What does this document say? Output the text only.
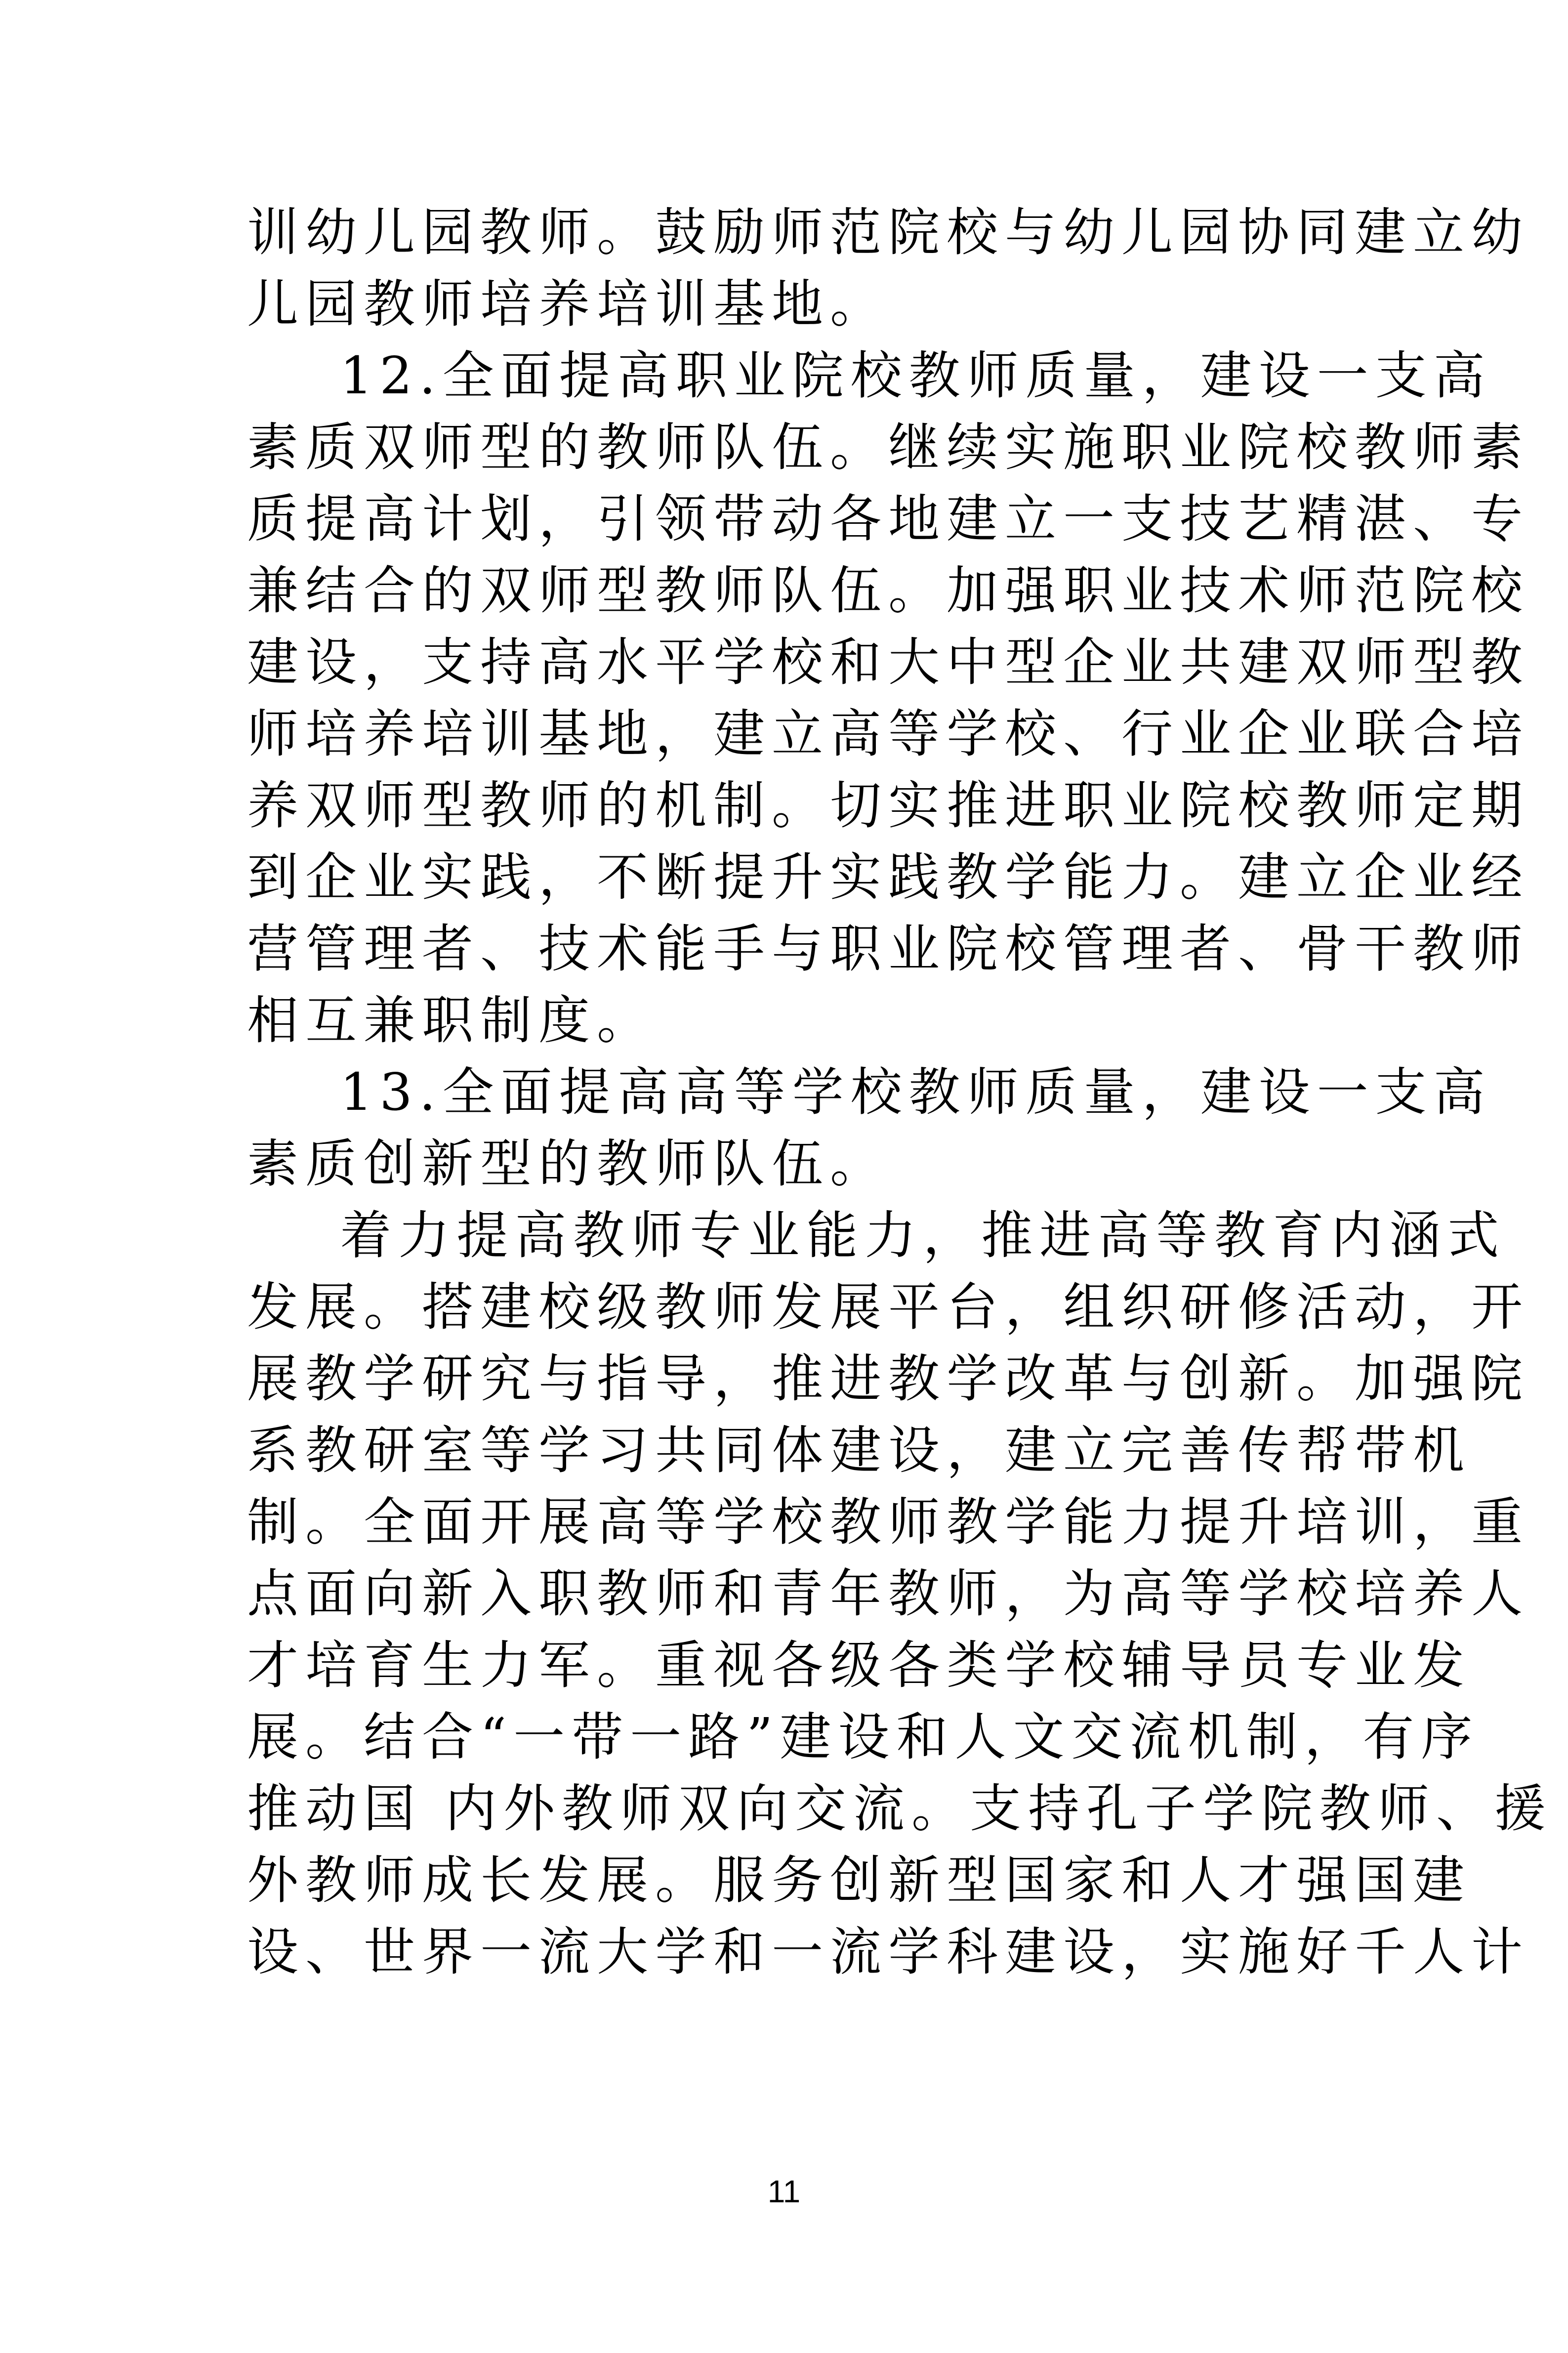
训幼儿园教师。鼓励师范院校与幼儿园协同建立幼
儿园教师培养培训基地。
12.全面提高职业院校教师质量，建设一支高
素质双师型的教师队伍。继续实施职业院校教师素
质提高计划，引领带动各地建立一支技艺精湛、专
兼结合的双师型教师队伍。加强职业技术师范院校
建设，支持高水平学校和大中型企业共建双师型教
师培养培训基地，建立高等学校、行业企业联合培
养双师型教师的机制。切实推进职业院校教师定期
到企业实践，不断提升实践教学能力。建立企业经
营管理者、技术能手与职业院校管理者、骨干教师
相互兼职制度。
13.全面提高高等学校教师质量，建设一支高
素质创新型的教师队伍。
着力提高教师专业能力，推进高等教育内涵式
发展。搭建校级教师发展平台，组织研修活动，开
展教学研究与指导，推进教学改革与创新。加强院
系教研室等学习共同体建设，建立完善传帮带机
制。全面开展高等学校教师教学能力提升培训，重
点面向新入职教师和青年教师，为高等学校培养人
才培育生力军。重视各级各类学校辅导员专业发
展。结合“一带一路”建设和人文交流机制，有序
推动国 内外教师双向交流。支持孔子学院教师、援
外教师成长发展。服务创新型国家和人才强国建
设、世界一流大学和一流学科建设，实施好千人计
11
